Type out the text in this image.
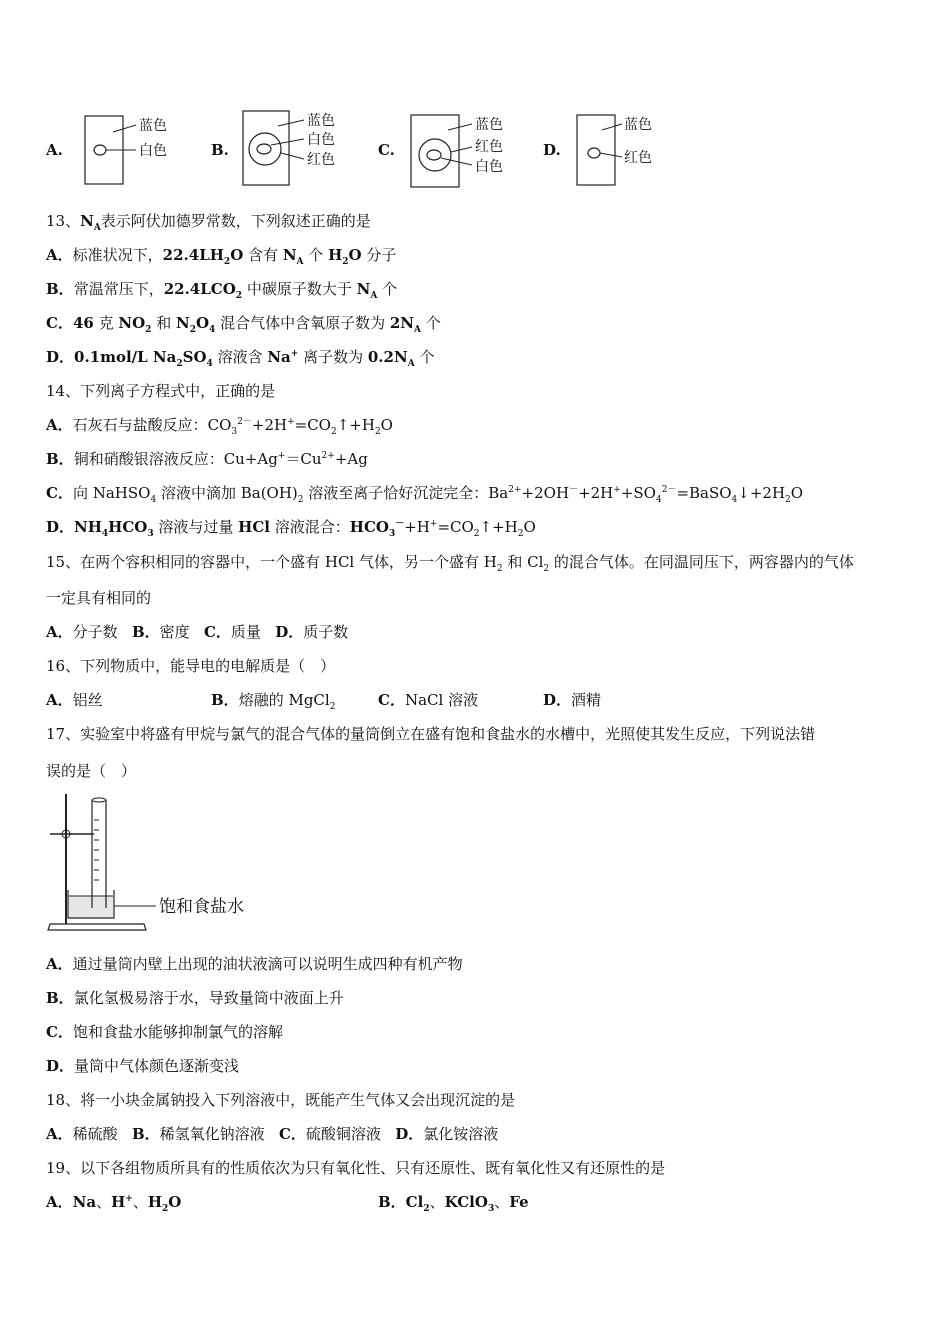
A.
蓝色
白色	B.
蓝色
白色
红色
C.
蓝色
红色
白色
D.
蓝色
红色
13、$N_A$表示阿伏加德罗常数，下列叙述正确的是
A．标准状况下，$22.4LH_2O$ 含有 $N_A$ 个 $H_2O$ 分子
B．常温常压下，$22.4LCO_2$ 中碳原子数大于 $N_A$ 个
C．46 克 $NO_2$ 和 $N_2O_4$ 混合气体中含氧原子数为 $2N_A$ 个
D．0.1mol/L $Na_2SO_4$ 溶液含 Na+ 离子数为 $0.2N_A$ 个
14、下列离子方程式中，正确的是
A．石灰石与盐酸反应：$CO_3^{2-}+2H^+=CO_2↑+H_2O$
B．铜和硝酸银溶液反应：$Cu+Ag^+=Cu^{2+}+Ag$
C．向 NaHSO$_4$ 溶液中滴加 $Ba(OH)_2$ 溶液至离子恰好沉淀完全：$Ba^{2+}+2OH^-+2H^++SO_4^{2-}=BaSO_4↓+2H_2O$
D．$NH_4HCO_3$ 溶液与过量 HCl 溶液混合：$HCO_3^-+H^+=CO_2↑+H_2O$
15、在两个容积相同的容器中，一个盛有 HCl 气体，另一个盛有 $H_2$ 和 $Cl_2$ 的混合气体。在同温同压下，两容器内的气体
一定具有相同的
A．分子数   B．密度   C．质量   D．质子数
16、下列物质中，能导电的电解质是（　）
A．铝丝	B．熔融的 MgCl$_2$	C．NaCl 溶液	D．酒精
17、实验室中将盛有甲烷与氯气的混合气体的量筒倒立在盛有饱和食盐水的水槽中，光照使其发生反应，下列说法错
误的是（　）
饱和食盐水
A．通过量筒内壁上出现的油状液滴可以说明生成四种有机产物
B．氯化氢极易溶于水，导致量筒中液面上升
C．饱和食盐水能够抑制氯气的溶解
D．量筒中气体颜色逐渐变浅
18、将一小块金属钠投入下列溶液中，既能产生气体又会出现沉淀的是
A．稀硫酸   B．稀氢氧化钠溶液   C．硫酸铜溶液   D．氯化铵溶液
19、以下各组物质所具有的性质依次为只有氧化性、只有还原性、既有氧化性又有还原性的是
A．Na、H+、$H_2O$	B．$Cl_2$、KClO$_3$、Fe
